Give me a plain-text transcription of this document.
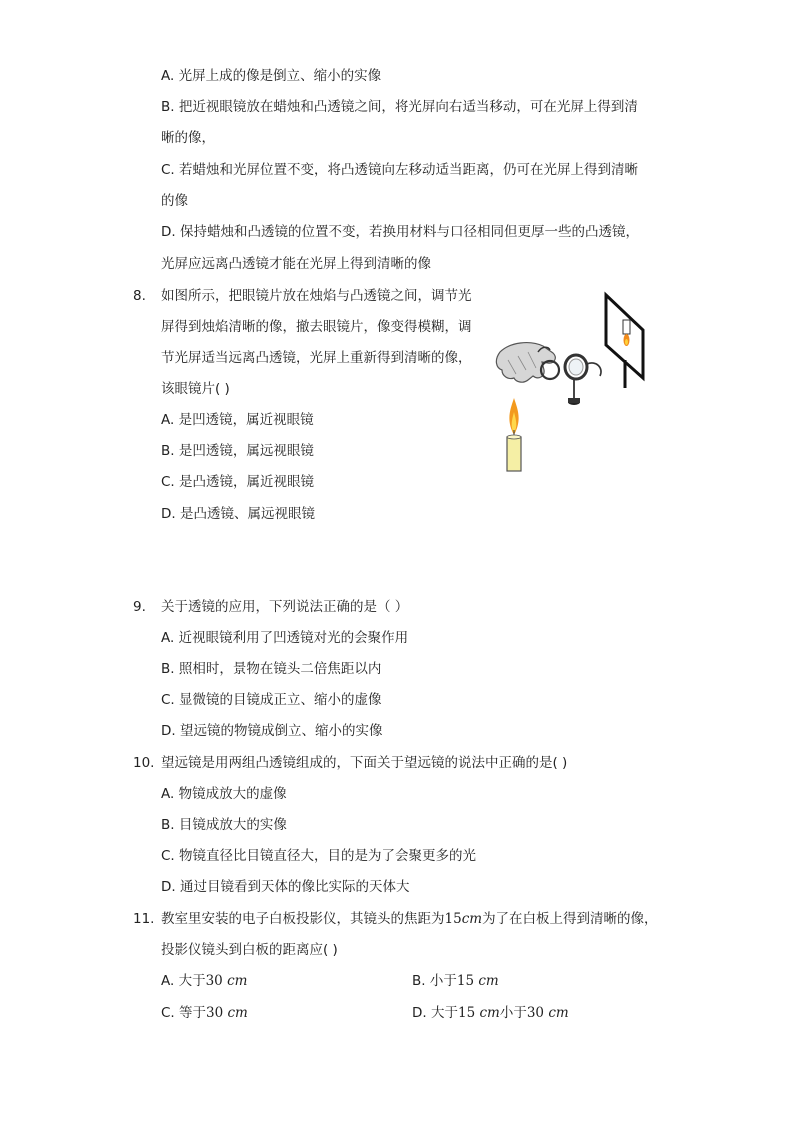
A. 光屏上成的像是倒立、缩小的实像
B. 把近视眼镜放在蜡烛和凸透镜之间，将光屏向右适当移动，可在光屏上得到清
晰的像，
C. 若蜡烛和光屏位置不变，将凸透镜向左移动适当距离，仍可在光屏上得到清晰
的像
D. 保持蜡烛和凸透镜的位置不变，若换用材料与口径相同但更厚一些的凸透镜，
光屏应远离凸透镜才能在光屏上得到清晰的像
8. 如图所示，把眼镜片放在烛焰与凸透镜之间，调节光
屏得到烛焰清晰的像，撤去眼镜片，像变得模糊，调
节光屏适当远离凸透镜，光屏上重新得到清晰的像，
该眼镜片( )
A. 是凹透镜，属近视眼镜
B. 是凹透镜，属远视眼镜
C. 是凸透镜，属近视眼镜
D. 是凸透镜、属远视眼镜
9. 关于透镜的应用，下列说法正确的是（ ）
A. 近视眼镜利用了凹透镜对光的会聚作用
B. 照相时，景物在镜头二倍焦距以内
C. 显微镜的目镜成正立、缩小的虚像
D. 望远镜的物镜成倒立、缩小的实像
10. 望远镜是用两组凸透镜组成的，下面关于望远镜的说法中正确的是( )
A. 物镜成放大的虚像
B. 目镜成放大的实像
C. 物镜直径比目镜直径大，目的是为了会聚更多的光
D. 通过目镜看到天体的像比实际的天体大
11. 教室里安装的电子白板投影仪，其镜头的焦距为15cm为了在白板上得到清晰的像，
投影仪镜头到白板的距离应( )
A. 大于30 cm	B. 小于15 cm
C. 等于30 cm	D. 大于15 cm小于30 cm
